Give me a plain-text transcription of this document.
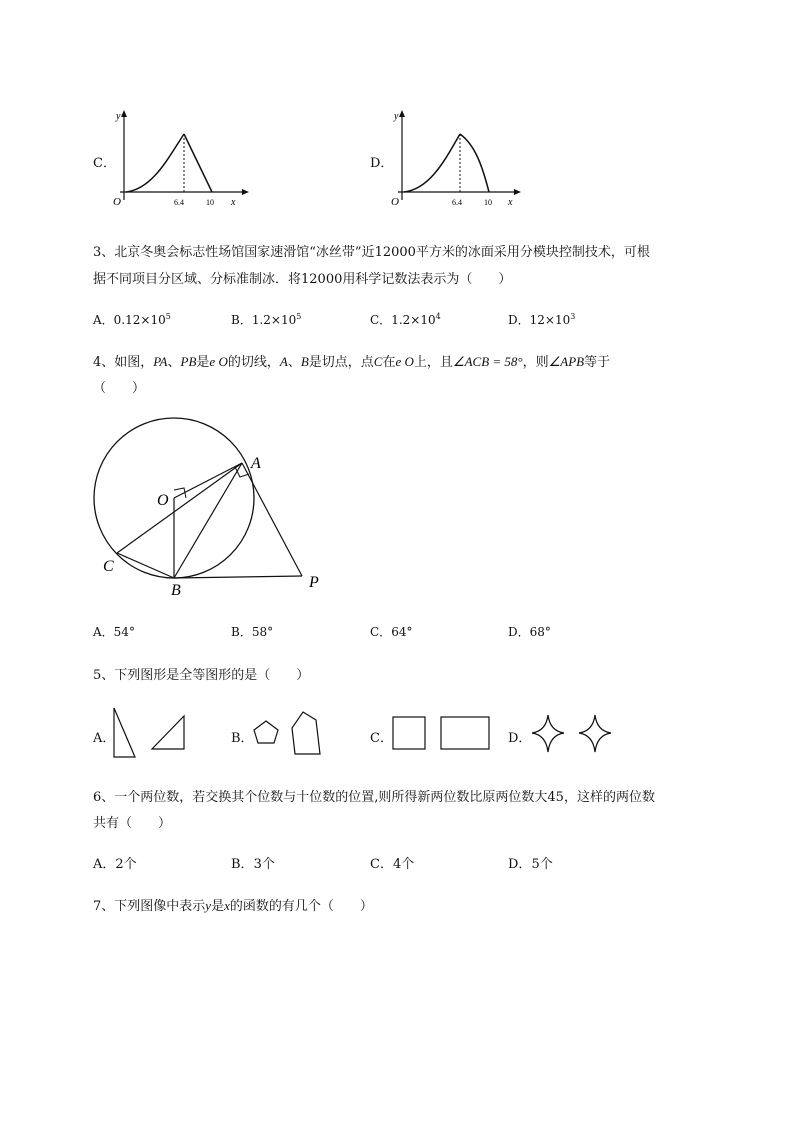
C．
y
O	6.4	10 x
D．
y
O	6.4	10 x
3、北京冬奥会标志性场馆国家速滑馆“冰丝带”近12000平方米的冰面采用分模块控制技术，可根
据不同项目分区域、分标准制冰．将12000用科学记数法表示为（　　）
A．$0.12\times 10^5$	B．$1.2\times 10^5$	C．$1.2\times 10^4$	D．$12\times 10^3$
4、如图，PA、PB是e O的切线，A、B是切点，点C在e O上，且∠ACB = 58°，则∠APB等于
（　　）
A
O
C
B	P
A．54°	B．58°	C．64°	D．68°
5、下列图形是全等图形的是（　　）
A．	B．	C．	D．
6、一个两位数，若交换其个位数与十位数的位置,则所得新两位数比原两位数大45，这样的两位数
共有（　　）
A．2个	B．3个	C．4个	D．5个
7、下列图像中表示y是x的函数的有几个（　　）
